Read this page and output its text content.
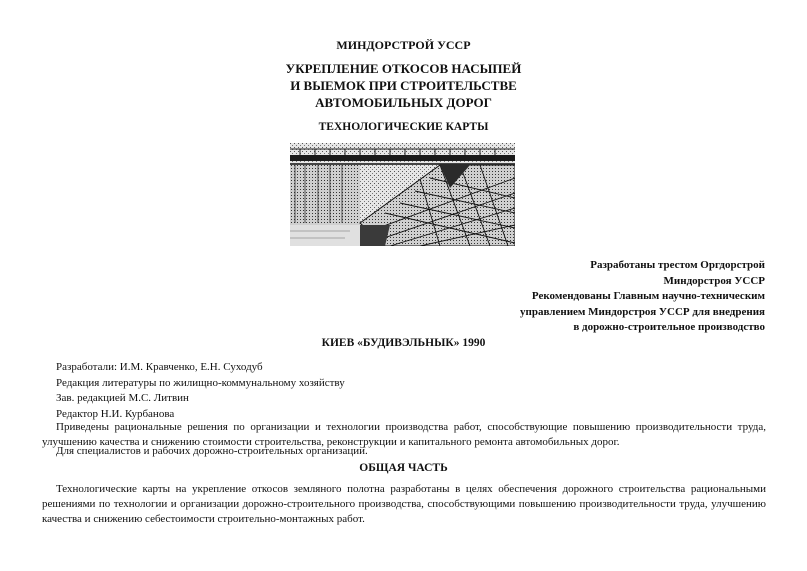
МИНДОРСТРОЙ УССР
УКРЕПЛЕНИЕ ОТКОСОВ НАСЫПЕЙ
И ВЫЕМОК ПРИ СТРОИТЕЛЬСТВЕ
АВТОМОБИЛЬНЫХ ДОРОГ
ТЕХНОЛОГИЧЕСКИЕ КАРТЫ
Разработаны трестом Оргдорстрой
Миндорстроя УССР
Рекомендованы Главным научно-техническим
управлением Миндорстроя УССР для внедрения
в дорожно-строительное производство
КИЕВ «БУДИВЭЛЬНЫК» 1990
Разработали: И.М. Кравченко, Е.Н. Суходуб
Редакция литературы по жилищно-коммунальному хозяйству
Зав. редакцией М.С. Литвин
Редактор Н.И. Курбанова
Приведены рациональные решения по организации и технологии производства работ, способствующие повышению производительности труда, улучшению качества и снижению стоимости строительства, реконструкции и капитального ремонта автомобильных дорог.
Для специалистов и рабочих дорожно-строительных организаций.
ОБЩАЯ ЧАСТЬ
Технологические карты на укрепление откосов земляного полотна разработаны в целях обеспечения дорожного строительства рациональными решениями по технологии и организации дорожно-строительного производства, способствующими повышению производительности труда, улучшению качества и снижению себестоимости строительно-монтажных работ.
